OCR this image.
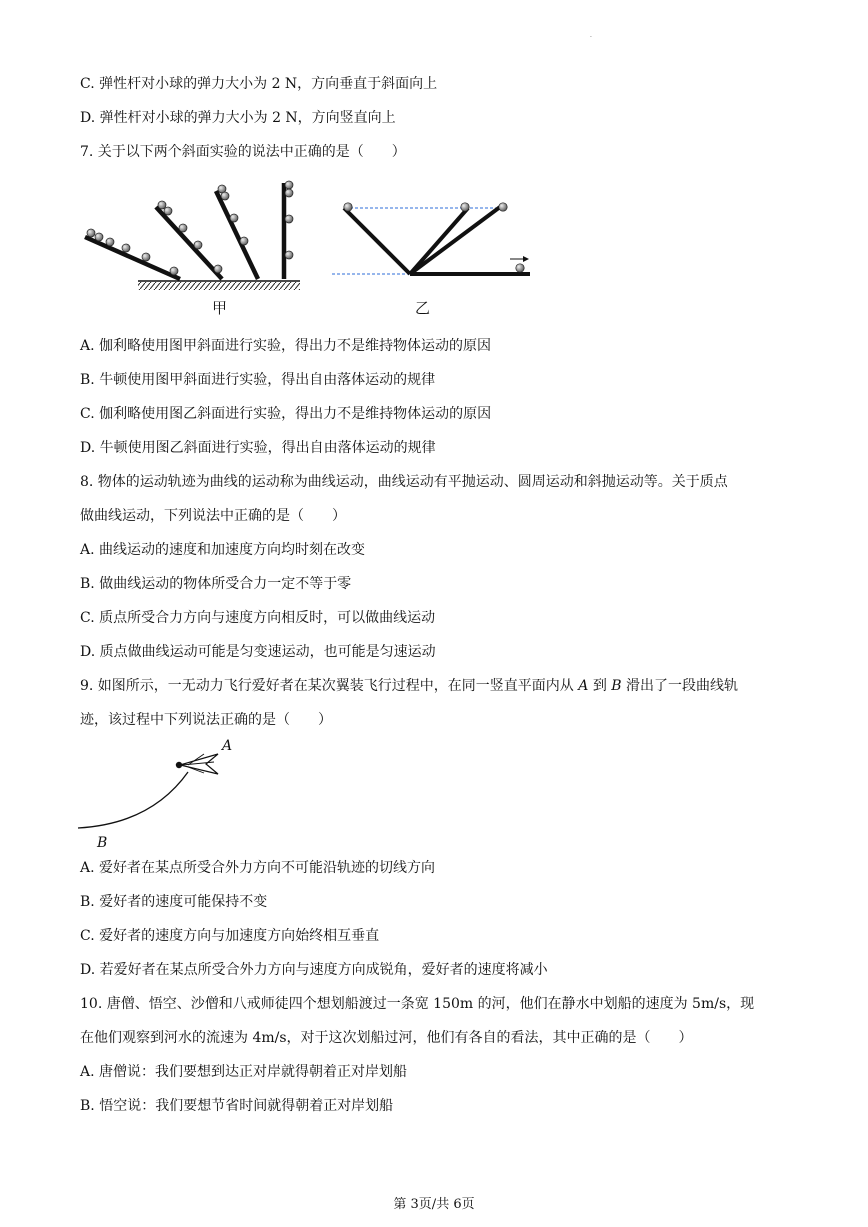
·
C. 弹性杆对小球的弹力大小为 2 N，方向垂直于斜面向上
D. 弹性杆对小球的弹力大小为 2 N，方向竖直向上
7. 关于以下两个斜面实验的说法中正确的是（　　）
甲	乙
A. 伽利略使用图甲斜面进行实验，得出力不是维持物体运动的原因
B. 牛顿使用图甲斜面进行实验，得出自由落体运动的规律
C. 伽利略使用图乙斜面进行实验，得出力不是维持物体运动的原因
D. 牛顿使用图乙斜面进行实验，得出自由落体运动的规律
8. 物体的运动轨迹为曲线的运动称为曲线运动，曲线运动有平抛运动、圆周运动和斜抛运动等。关于质点
做曲线运动，下列说法中正确的是（　　）
A. 曲线运动的速度和加速度方向均时刻在改变
B. 做曲线运动的物体所受合力一定不等于零
C. 质点所受合力方向与速度方向相反时，可以做曲线运动
D. 质点做曲线运动可能是匀变速运动，也可能是匀速运动
9. 如图所示，一无动力飞行爱好者在某次翼装飞行过程中，在同一竖直平面内从 A 到 B 滑出了一段曲线轨
迹，该过程中下列说法正确的是（　　）
A
B
A. 爱好者在某点所受合外力方向不可能沿轨迹的切线方向
B. 爱好者的速度可能保持不变
C. 爱好者的速度方向与加速度方向始终相互垂直
D. 若爱好者在某点所受合外力方向与速度方向成锐角，爱好者的速度将减小
10. 唐僧、悟空、沙僧和八戒师徒四个想划船渡过一条宽 150m 的河，他们在静水中划船的速度为 5m/s，现
在他们观察到河水的流速为 4m/s，对于这次划船过河，他们有各自的看法，其中正确的是（　　）
A. 唐僧说：我们要想到达正对岸就得朝着正对岸划船
B. 悟空说：我们要想节省时间就得朝着正对岸划船
第 3页/共 6页
